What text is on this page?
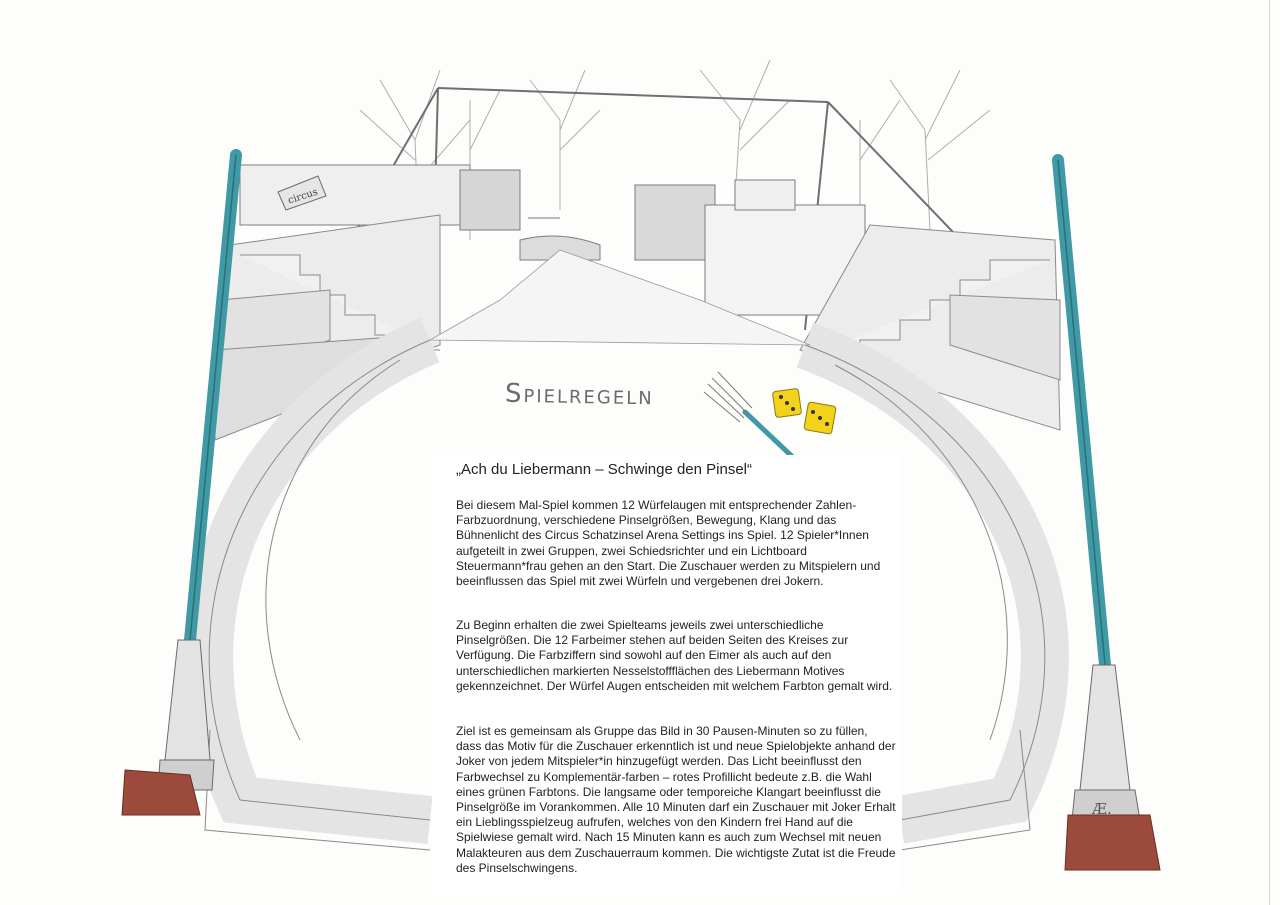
circus
Spielregeln
„Ach du Liebermann – Schwinge den Pinsel“
Bei diesem Mal-Spiel kommen 12 Würfelaugen mit entsprechender Zahlen-Farbzuordnung, verschiedene Pinselgrößen, Bewegung, Klang und das Bühnenlicht des Circus Schatzinsel Arena Settings ins Spiel. 12 Spieler*Innen aufgeteilt in zwei Gruppen, zwei Schiedsrichter und ein Lichtboard Steuermann*frau gehen an den Start. Die Zuschauer werden zu Mitspielern und beeinflussen das Spiel mit zwei Würfeln und vergebenen drei Jokern.
Zu Beginn erhalten die zwei Spielteams jeweils zwei unterschiedliche Pinselgrößen. Die 12 Farbeimer stehen auf beiden Seiten des Kreises zur Verfügung. Die Farbziffern sind sowohl auf den Eimer als auch auf den unterschiedlichen markierten Nesselstoffflächen des Liebermann Motives gekennzeichnet. Der Würfel Augen entscheiden mit welchem Farbton gemalt wird.
Ziel ist es gemeinsam als Gruppe das Bild in 30 Pausen-Minuten so zu füllen, dass das Motiv für die Zuschauer erkenntlich ist und neue Spielobjekte anhand der Joker von jedem Mitspieler*in hinzugefügt werden. Das Licht beeinflusst den Farbwechsel zu Komplementär-farben – rotes Profillicht bedeute z.B. die Wahl eines grünen Farbtons. Die langsame oder temporeiche Klangart beeinflusst die Pinselgröße im Vorankommen. Alle 10 Minuten darf ein Zuschauer mit Joker Erhalt ein Lieblingsspielzeug aufrufen, welches von den Kindern frei Hand auf die Spielwiese gemalt wird. Nach 15 Minuten kann es auch zum Wechsel mit neuen Malakteuren aus dem Zuschauerraum kommen. Die wichtigste Zutat ist die Freude des Pinselschwingens.
Æ.
